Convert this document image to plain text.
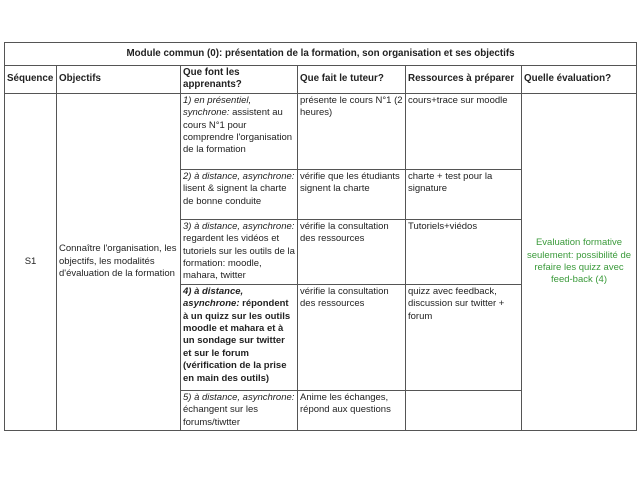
Module commun (0): présentation de la formation, son organisation et ses objectifs					
Séquence	Objectifs	Que font les apprenants?	Que fait le tuteur?	Ressources à préparer	Quelle évaluation?
S1	Connaître l'organisation, les objectifs, les modalités d'évaluation de la formation	1) en présentiel, synchrone: assistent au cours N°1 pour comprendre l'organisation de la formation	présente le cours N°1 (2 heures)	cours+trace sur moodle	Evaluation formative seulement: possibilité de refaire les quizz avec feed-back (4)
		2) à distance, asynchrone: lisent & signent la charte de bonne conduite	vérifie que les étudiants signent la charte	charte + test pour la signature	
		3) à distance, asynchrone: regardent les vidéos et tutoriels sur les outils de la formation: moodle, mahara, twitter	vérifie la consultation des ressources	Tutoriels+viédos	
		4) à distance, asynchrone: répondent à un quizz sur les outils moodle et mahara et à un sondage sur twitter et sur le forum (vérification de la prise en main des outils)	vérifie la consultation des ressources	quizz avec feedback, discussion sur twitter + forum	
		5) à distance, asynchrone: échangent sur les forums/tiwtter	Anime les échanges, répond aux questions		
